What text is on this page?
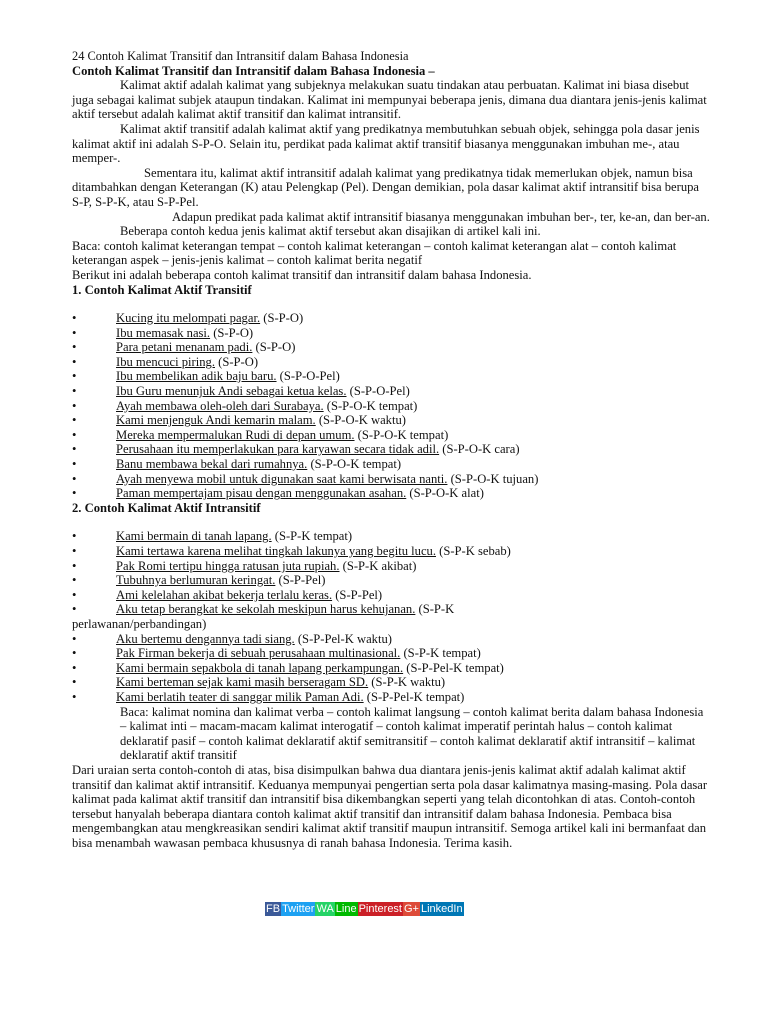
24 Contoh Kalimat Transitif dan Intransitif dalam Bahasa Indonesia

Contoh Kalimat Transitif dan Intransitif dalam Bahasa Indonesia –

Kalimat aktif adalah kalimat yang subjeknya melakukan suatu tindakan atau perbuatan. Kalimat ini biasa disebut juga sebagai kalimat subjek ataupun tindakan. Kalimat ini mempunyai beberapa jenis, dimana dua diantara jenis-jenis kalimat aktif tersebut adalah kalimat aktif transitif dan kalimat intransitif.

Kalimat aktif transitif adalah kalimat aktif yang predikatnya membutuhkan sebuah objek, sehingga pola dasar jenis kalimat aktif ini adalah S-P-O. Selain itu, perdikat pada kalimat aktif transitif biasanya menggunakan imbuhan me-, atau memper-.

Sementara itu, kalimat aktif intransitif adalah kalimat yang predikatnya tidak memerlukan objek, namun bisa ditambahkan dengan Keterangan (K) atau Pelengkap (Pel). Dengan demikian, pola dasar kalimat aktif intransitif bisa berupa S-P, S-P-K, atau S-P-Pel.

Adapun predikat pada kalimat aktif intransitif biasanya menggunakan imbuhan ber-, ter, ke-an, dan ber-an. Beberapa contoh kedua jenis kalimat aktif tersebut akan disajikan di artikel kali ini.

Baca: contoh kalimat keterangan tempat – contoh kalimat keterangan – contoh kalimat keterangan alat – contoh kalimat keterangan aspek – jenis-jenis kalimat – contoh kalimat berita negatif

Berikut ini adalah beberapa contoh kalimat transitif dan intransitif dalam bahasa Indonesia.

1. Contoh Kalimat Aktif Transitif

•	Kucing itu melompati pagar. (S-P-O)
•	Ibu memasak nasi. (S-P-O)
•	Para petani menanam padi. (S-P-O)
•	Ibu mencuci piring. (S-P-O)
•	Ibu membelikan adik baju baru. (S-P-O-Pel)
•	Ibu Guru menunjuk Andi sebagai ketua kelas. (S-P-O-Pel)
•	Ayah membawa oleh-oleh dari Surabaya. (S-P-O-K tempat)
•	Kami menjenguk Andi kemarin malam. (S-P-O-K waktu)
•	Mereka mempermalukan Rudi di depan umum. (S-P-O-K tempat)
•	Perusahaan itu memperlakukan para karyawan secara tidak adil. (S-P-O-K cara)
•	Banu membawa bekal dari rumahnya. (S-P-O-K tempat)
•	Ayah menyewa mobil untuk digunakan saat kami berwisata nanti. (S-P-O-K tujuan)
•	Paman mempertajam pisau dengan menggunakan asahan. (S-P-O-K alat)

2. Contoh Kalimat Aktif Intransitif

•	Kami bermain di tanah lapang. (S-P-K tempat)
•	Kami tertawa karena melihat tingkah lakunya yang begitu lucu. (S-P-K sebab)
•	Pak Romi tertipu hingga ratusan juta rupiah. (S-P-K akibat)
•	Tubuhnya berlumuran keringat. (S-P-Pel)
•	Ami kelelahan akibat bekerja terlalu keras. (S-P-Pel)
•	Aku tetap berangkat ke sekolah meskipun harus kehujanan. (S-P-K
perlawanan/perbandingan)
•	Aku bertemu dengannya tadi siang. (S-P-Pel-K waktu)
•	Pak Firman bekerja di sebuah perusahaan multinasional. (S-P-K tempat)
•	Kami bermain sepakbola di tanah lapang perkampungan. (S-P-Pel-K tempat)
•	Kami berteman sejak kami masih berseragam SD. (S-P-K waktu)
•	Kami berlatih teater di sanggar milik Paman Adi. (S-P-Pel-K tempat)

Baca: kalimat nomina dan kalimat verba – contoh kalimat langsung – contoh kalimat berita dalam bahasa Indonesia – kalimat inti – macam-macam kalimat interogatif – contoh kalimat imperatif perintah halus – contoh kalimat deklaratif pasif – contoh kalimat deklaratif aktif semitransitif – contoh kalimat deklaratif aktif intransitif – kalimat deklaratif aktif transitif

Dari uraian serta contoh-contoh di atas, bisa disimpulkan bahwa dua diantara jenis-jenis kalimat aktif adalah kalimat aktif transitif dan kalimat aktif intransitif. Keduanya mempunyai pengertian serta pola dasar kalimatnya masing-masing. Pola dasar kalimat pada kalimat aktif transitif dan intransitif bisa dikembangkan seperti yang telah dicontohkan di atas. Contoh-contoh tersebut hanyalah beberapa diantara contoh kalimat aktif transitif dan intransitif dalam bahasa Indonesia. Pembaca bisa mengembangkan atau mengkreasikan sendiri kalimat aktif transitif maupun intransitif. Semoga artikel kali ini bermanfaat dan bisa menambah wawasan pembaca khususnya di ranah bahasa Indonesia. Terima kasih.

FB Twitter WA Line Pinterest G+ LinkedIn
